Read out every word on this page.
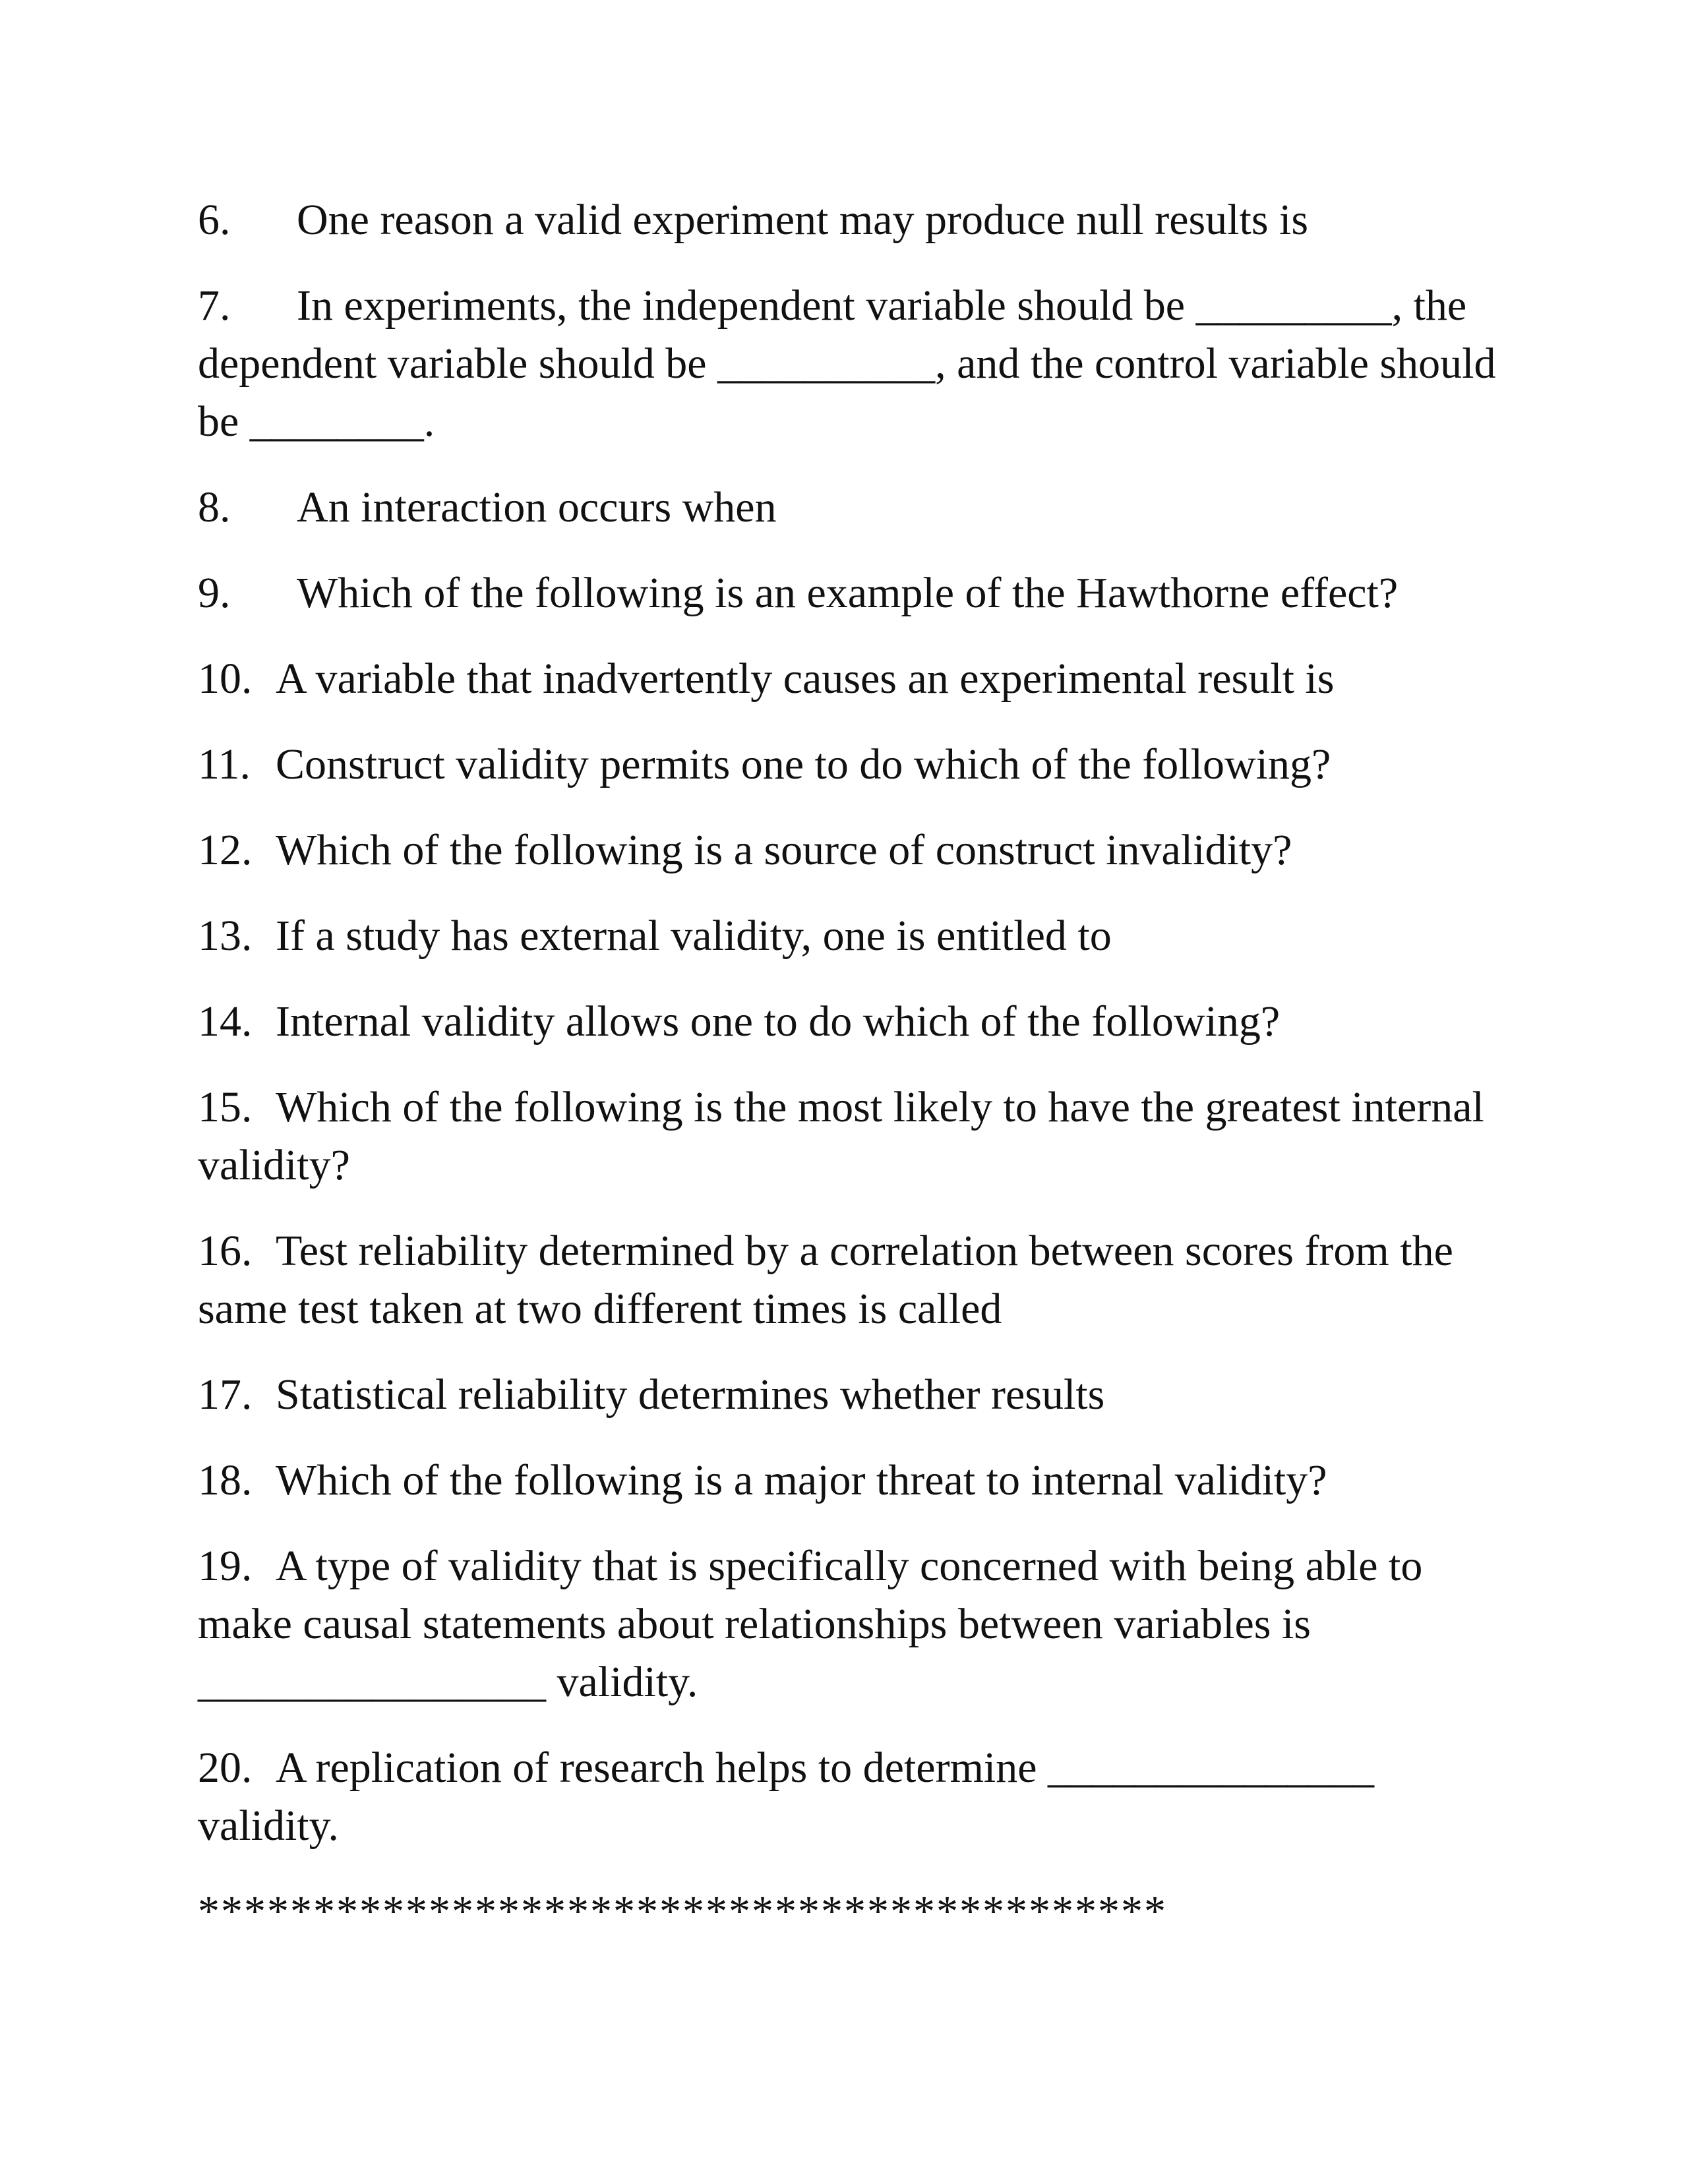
6. One reason a valid experiment may produce null results is

7. In experiments, the independent variable should be _________, the dependent variable should be __________, and the control variable should be ________.

8. An interaction occurs when

9. Which of the following is an example of the Hawthorne effect?

10. A variable that inadvertently causes an experimental result is

11. Construct validity permits one to do which of the following?

12. Which of the following is a source of construct invalidity?

13. If a study has external validity, one is entitled to

14. Internal validity allows one to do which of the following?

15. Which of the following is the most likely to have the greatest internal validity?

16. Test reliability determined by a correlation between scores from the same test taken at two different times is called

17. Statistical reliability determines whether results

18. Which of the following is a major threat to internal validity?

19. A type of validity that is specifically concerned with being able to make causal statements about relationships between variables is ________________ validity.

20. A replication of research helps to determine _______________ validity.

******************************************
